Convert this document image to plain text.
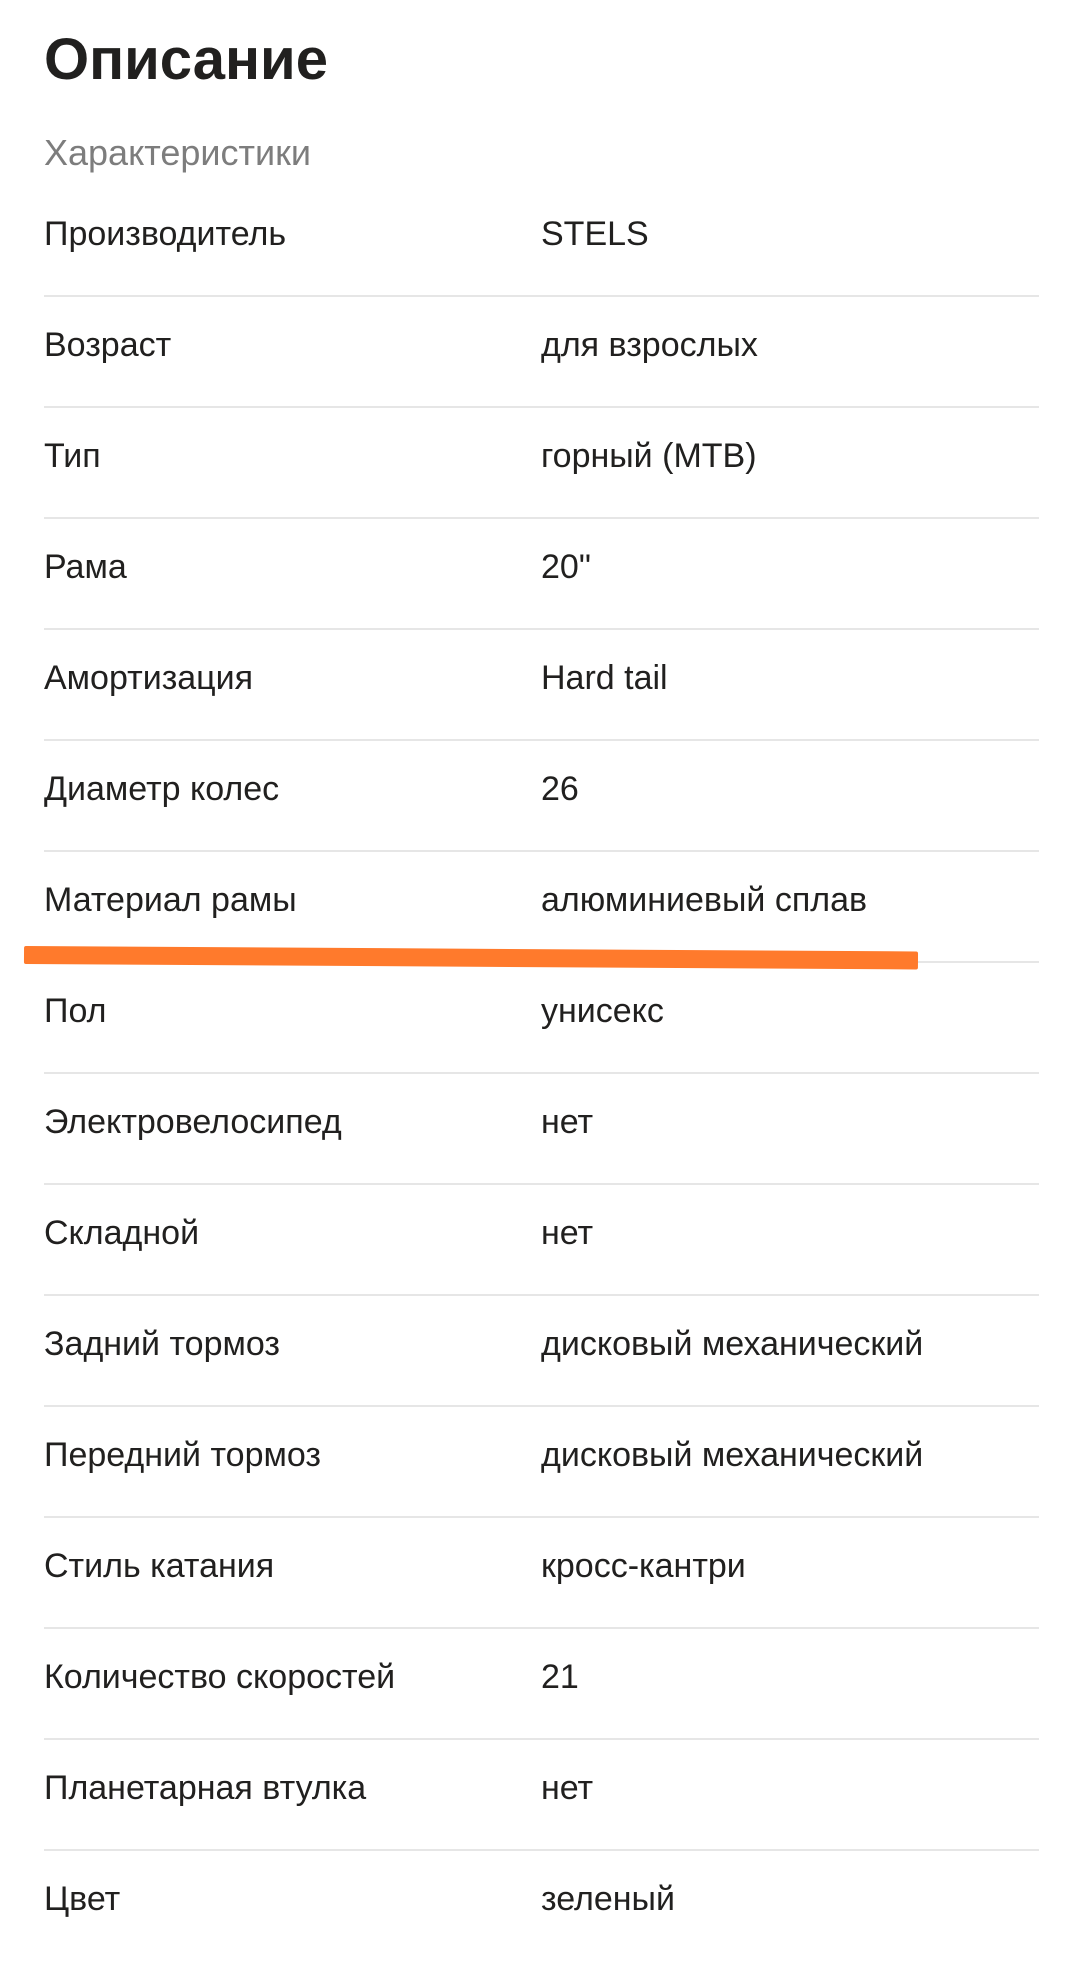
Описание
Характеристики
Производитель	STELS
Возраст	для взрослых
Тип	горный (MTB)
Рама	20"
Амортизация	Hard tail
Диаметр колес	26
Материал рамы	алюминиевый сплав
Пол	унисекс
Электровелосипед	нет
Складной	нет
Задний тормоз	дисковый механический
Передний тормоз	дисковый механический
Стиль катания	кросс-кантри
Количество скоростей	21
Планетарная втулка	нет
Цвет	зеленый
